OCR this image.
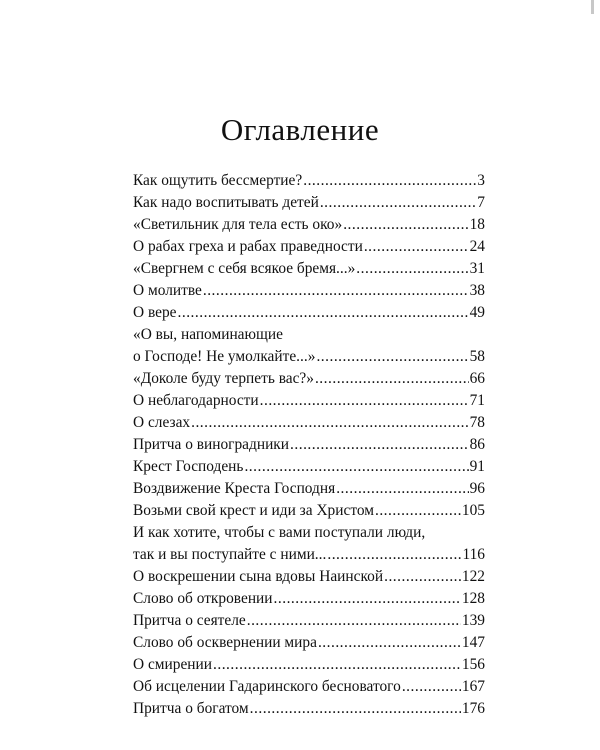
Оглавление
Как ощутить бессмертие? .....	3
Как надо воспитывать детей .....	7
«Светильник для тела есть око» .....	18
О рабах греха и рабах праведности .....	24
«Свергнем с себя всякое бремя...» .....	31
О молитве .....	38
О вере .....	49
«О вы, напоминающие
о Господе! Не умолкайте...» .....	58
«Доколе буду терпеть вас?» .....	66
О неблагодарности .....	71
О слезах .....	78
Притча о виноградники .....	86
Крест Господень .....	91
Воздвижение Креста Господня .....	96
Возьми свой крест и иди за Христом .....	105
И как хотите, чтобы с вами поступали люди,
так и вы поступайте с ними... .....	116
О воскрешении сына вдовы Наинской .....	122
Слово об откровении .....	128
Притча о сеятеле .....	139
Слово об осквернении мира .....	147
О смирении .....	156
Об исцелении Гадаринского бесноватого .....	167
Притча о богатом .....	176
